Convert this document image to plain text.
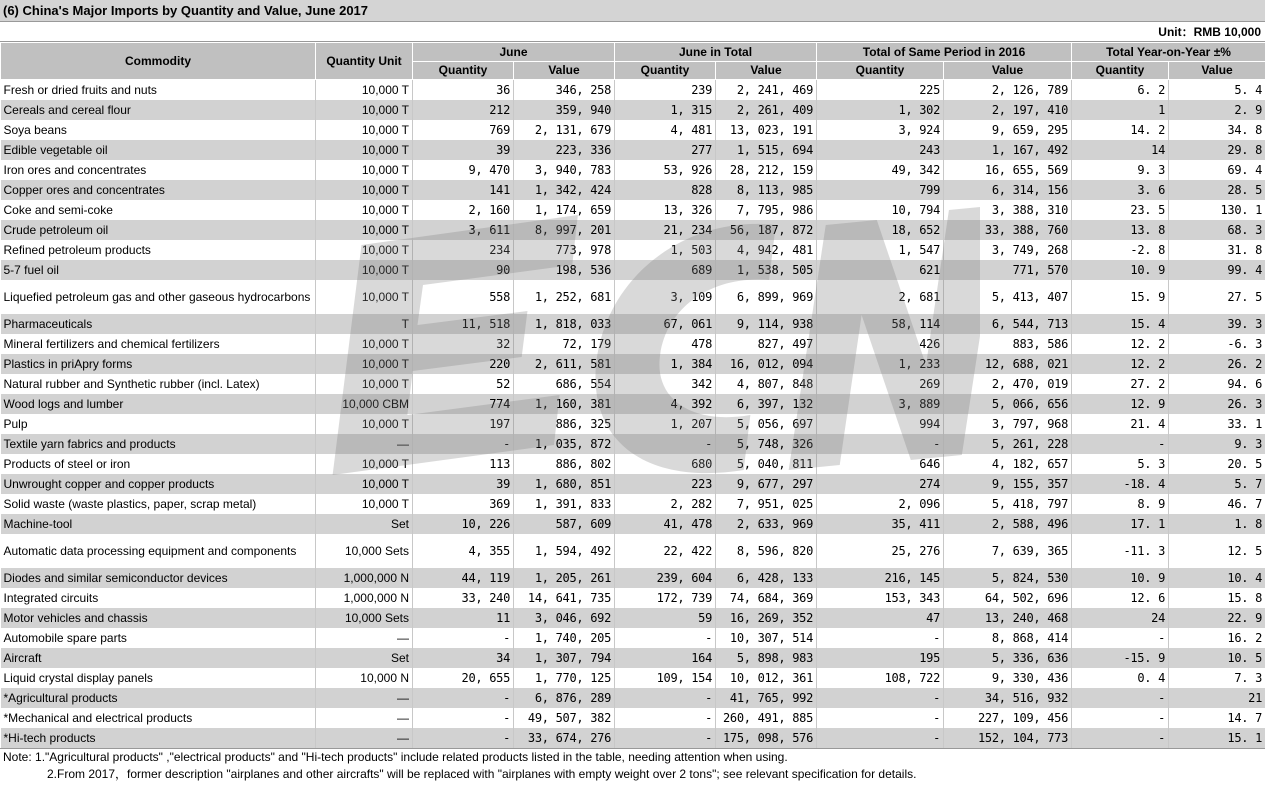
(6) China's Major Imports by Quantity and Value, June 2017
Unit：RMB 10,000
Commodity	Quantity Unit	June		June in Total		Total of Same Period in 2016		Total Year-on-Year ±%	
		Quantity	Value	Quantity	Value	Quantity	Value	Quantity	Value
Fresh or dried fruits and nuts	10,000 T	36	346, 258	239	2, 241, 469	225	2, 126, 789	6. 2	5. 4
Cereals and cereal flour	10,000 T	212	359, 940	1, 315	2, 261, 409	1, 302	2, 197, 410	1	2. 9
Soya beans	10,000 T	769	2, 131, 679	4, 481	13, 023, 191	3, 924	9, 659, 295	14. 2	34. 8
Edible vegetable oil	10,000 T	39	223, 336	277	1, 515, 694	243	1, 167, 492	14	29. 8
Iron ores and concentrates	10,000 T	9, 470	3, 940, 783	53, 926	28, 212, 159	49, 342	16, 655, 569	9. 3	69. 4
Copper ores and concentrates	10,000 T	141	1, 342, 424	828	8, 113, 985	799	6, 314, 156	3. 6	28. 5
Coke and semi-coke	10,000 T	2, 160	1, 174, 659	13, 326	7, 795, 986	10, 794	3, 388, 310	23. 5	130. 1
Crude petroleum oil	10,000 T	3, 611	8, 997, 201	21, 234	56, 187, 872	18, 652	33, 388, 760	13. 8	68. 3
Refined petroleum products	10,000 T	234	773, 978	1, 503	4, 942, 481	1, 547	3, 749, 268	-2. 8	31. 8
5-7 fuel oil	10,000 T	90	198, 536	689	1, 538, 505	621	771, 570	10. 9	99. 4
Liquefied petroleum gas and other gaseous hydrocarbons	10,000 T	558	1, 252, 681	3, 109	6, 899, 969	2, 681	5, 413, 407	15. 9	27. 5
Pharmaceuticals	T	11, 518	1, 818, 033	67, 061	9, 114, 938	58, 114	6, 544, 713	15. 4	39. 3
Mineral fertilizers and chemical fertilizers	10,000 T	32	72, 179	478	827, 497	426	883, 586	12. 2	-6. 3
Plastics in priApry forms	10,000 T	220	2, 611, 581	1, 384	16, 012, 094	1, 233	12, 688, 021	12. 2	26. 2
Natural rubber and Synthetic rubber (incl. Latex)	10,000 T	52	686, 554	342	4, 807, 848	269	2, 470, 019	27. 2	94. 6
Wood logs and lumber	10,000 CBM	774	1, 160, 381	4, 392	6, 397, 132	3, 889	5, 066, 656	12. 9	26. 3
Pulp	10,000 T	197	886, 325	1, 207	5, 056, 697	994	3, 797, 968	21. 4	33. 1
Textile yarn fabrics and products	—	-	1, 035, 872	-	5, 748, 326	-	5, 261, 228	-	9. 3
Products of steel or iron	10,000 T	113	886, 802	680	5, 040, 811	646	4, 182, 657	5. 3	20. 5
Unwrought copper and copper products	10,000 T	39	1, 680, 851	223	9, 677, 297	274	9, 155, 357	-18. 4	5. 7
Solid waste (waste plastics, paper, scrap metal)	10,000 T	369	1, 391, 833	2, 282	7, 951, 025	2, 096	5, 418, 797	8. 9	46. 7
Machine-tool	Set	10, 226	587, 609	41, 478	2, 633, 969	35, 411	2, 588, 496	17. 1	1. 8
Automatic data processing equipment and components	10,000 Sets	4, 355	1, 594, 492	22, 422	8, 596, 820	25, 276	7, 639, 365	-11. 3	12. 5
Diodes and similar semiconductor devices	1,000,000 N	44, 119	1, 205, 261	239, 604	6, 428, 133	216, 145	5, 824, 530	10. 9	10. 4
Integrated circuits	1,000,000 N	33, 240	14, 641, 735	172, 739	74, 684, 369	153, 343	64, 502, 696	12. 6	15. 8
Motor vehicles and chassis	10,000 Sets	11	3, 046, 692	59	16, 269, 352	47	13, 240, 468	24	22. 9
Automobile spare parts	—	-	1, 740, 205	-	10, 307, 514	-	8, 868, 414	-	16. 2
Aircraft	Set	34	1, 307, 794	164	5, 898, 983	195	5, 336, 636	-15. 9	10. 5
Liquid crystal display panels	10,000 N	20, 655	1, 770, 125	109, 154	10, 012, 361	108, 722	9, 330, 436	0. 4	7. 3
*Agricultural products	—	-	6, 876, 289	-	41, 765, 992	-	34, 516, 932	-	21
*Mechanical and electrical products	—	-	49, 507, 382	-	260, 491, 885	-	227, 109, 456	-	14. 7
*Hi-tech products	—	-	33, 674, 276	-	175, 098, 576	-	152, 104, 773	-	15. 1
Note: 1."Agricultural products" ,"electrical products" and "Hi-tech products" include related products listed in the table, needing attention when using.
2.From 2017，former description "airplanes and other aircrafts" will be replaced with "airplanes with empty weight over 2 tons"; see relevant specification for details.
